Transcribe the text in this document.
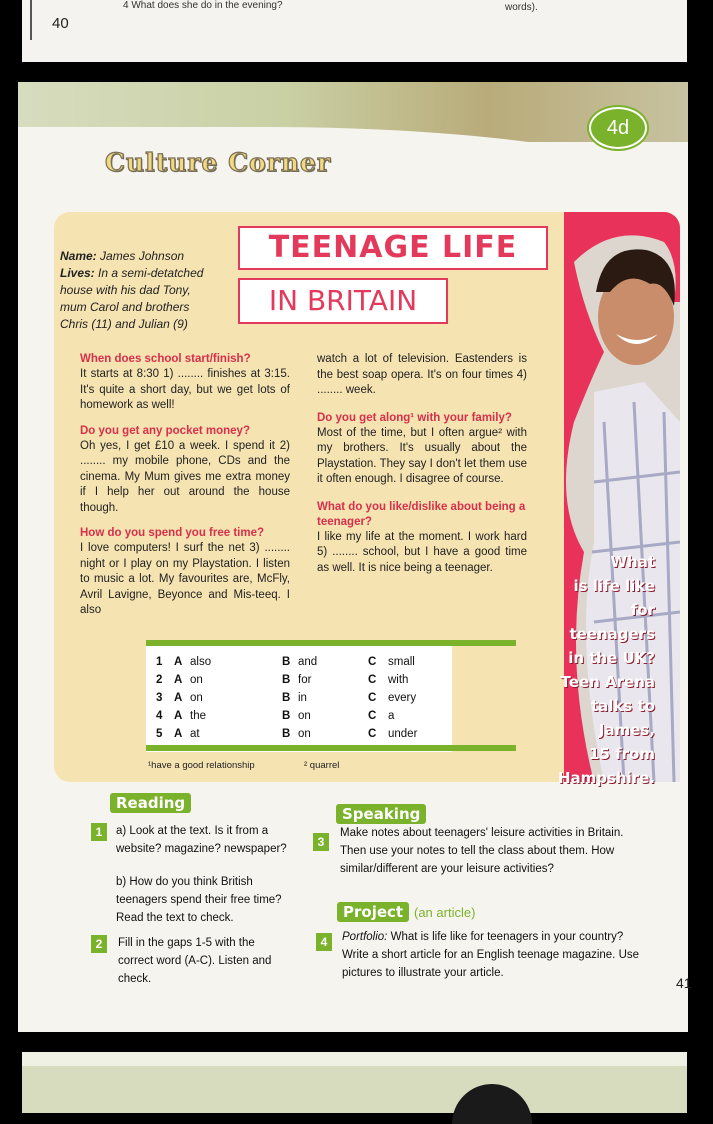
40
4 What does she do in the evening?	words).
4d
Culture Corner
Name: James Johnson
Lives: In a semi-detatched house with his dad Tony, mum Carol and brothers Chris (11) and Julian (9)
TEENAGE LIFE
IN BRITAIN
When does school start/finish?
It starts at 8:30 1) ........ finishes at 3:15. It's quite a short day, but we get lots of homework as well!
Do you get any pocket money?
Oh yes, I get £10 a week. I spend it 2) ........ my mobile phone, CDs and the cinema. My Mum gives me extra money if I help her out around the house though.
How do you spend you free time?
I love computers! I surf the net 3) ........ night or I play on my Playstation. I listen to music a lot. My favourites are, McFly, Avril Lavigne, Beyonce and Mis-teeq. I also
watch a lot of television. Eastenders is the best soap opera. It's on four times 4) ........ week.
Do you get along¹ with your family?
Most of the time, but I often argue² with my brothers. It's usually about the Playstation. They say I don't let them use it often enough. I disagree of course.
What do you like/dislike about being a teenager?
I like my life at the moment. I work hard 5) ........ school, but I have a good time as well. It is nice being a teenager.	What
is life like
for teenagers
in the UK?
Teen Arena
talks to
James,
15 from
Hampshire.
1 A also	B and	C small
2 A on	B for	C with
3 A on	B in	C every
4 A the	B on	C a
5 A at	B on	C under
¹have a good relationship	² quarrel
Reading
Speaking
1	a) Look at the text. Is it from a website? magazine? newspaper?
b) How do you think British teenagers spend their free time? Read the text to check.
2	Fill in the gaps 1-5 with the correct word (A-C). Listen and check.
3
Make notes about teenagers' leisure activities in Britain. Then use your notes to tell the class about them. How similar/different are your leisure activities?
Project (an article)
4	Portfolio: What is life like for teenagers in your country? Write a short article for an English teenage magazine. Use pictures to illustrate your article.
41
